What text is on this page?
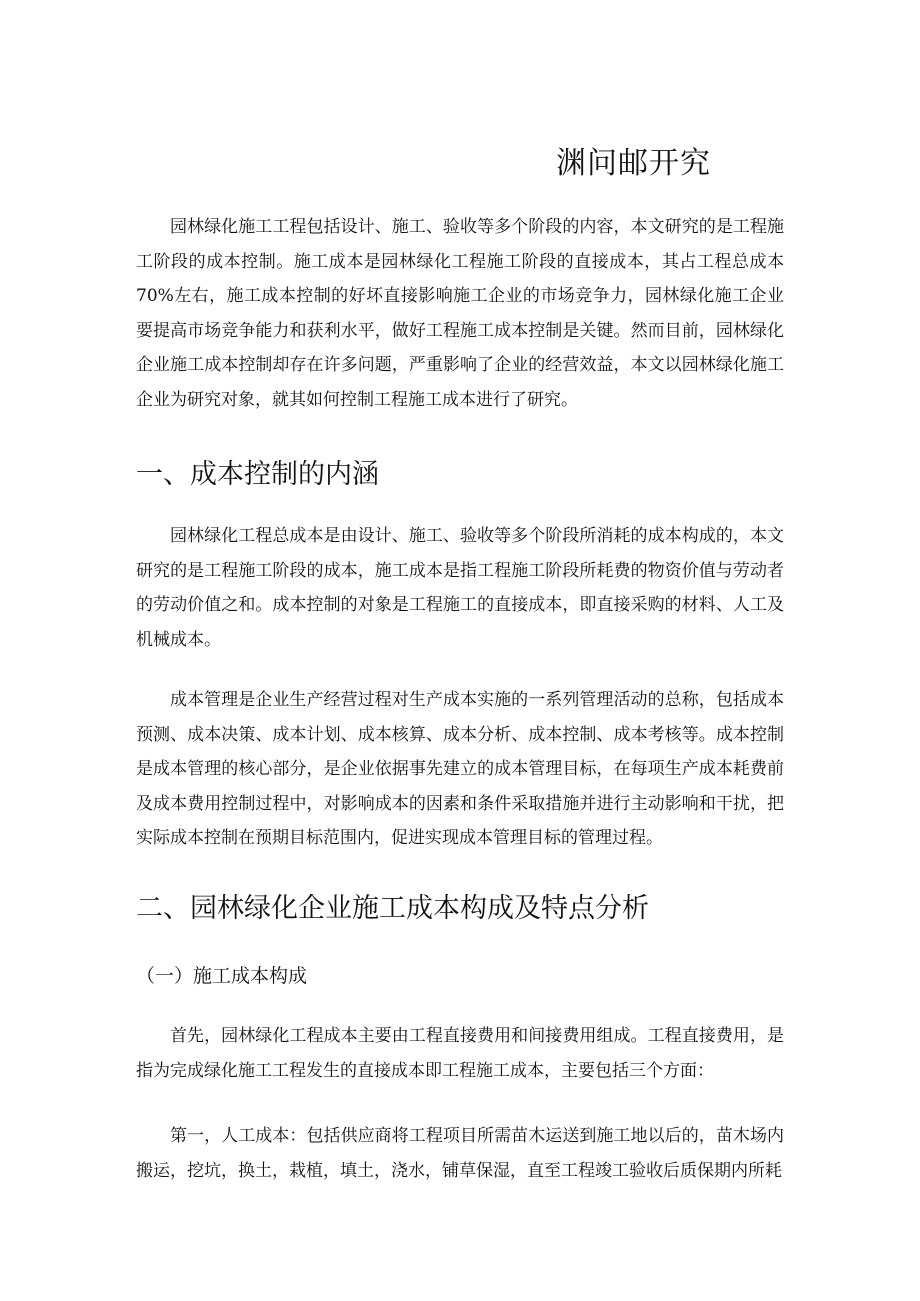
渊问邮开究

园林绿化施工工程包括设计、施工、验收等多个阶段的内容，本文研究的是工程施工阶段的成本控制。施工成本是园林绿化工程施工阶段的直接成本，其占工程总成本70%左右，施工成本控制的好坏直接影响施工企业的市场竞争力，园林绿化施工企业要提高市场竞争能力和获利水平，做好工程施工成本控制是关键。然而目前，园林绿化企业施工成本控制却存在许多问题，严重影响了企业的经营效益，本文以园林绿化施工企业为研究对象，就其如何控制工程施工成本进行了研究。

一、成本控制的内涵

园林绿化工程总成本是由设计、施工、验收等多个阶段所消耗的成本构成的，本文研究的是工程施工阶段的成本，施工成本是指工程施工阶段所耗费的物资价值与劳动者的劳动价值之和。成本控制的对象是工程施工的直接成本，即直接采购的材料、人工及机械成本。

成本管理是企业生产经营过程对生产成本实施的一系列管理活动的总称，包括成本预测、成本决策、成本计划、成本核算、成本分析、成本控制、成本考核等。成本控制是成本管理的核心部分，是企业依据事先建立的成本管理目标，在每项生产成本耗费前及成本费用控制过程中，对影响成本的因素和条件采取措施并进行主动影响和干扰，把实际成本控制在预期目标范围内，促进实现成本管理目标的管理过程。

二、园林绿化企业施工成本构成及特点分析
（一）施工成本构成

首先，园林绿化工程成本主要由工程直接费用和间接费用组成。工程直接费用，是指为完成绿化施工工程发生的直接成本即工程施工成本，主要包括三个方面：

第一，人工成本：包括供应商将工程项目所需苗木运送到施工地以后的，苗木场内搬运，挖坑，换土，栽植，填土，浇水，铺草保湿，直至工程竣工验收后质保期内所耗
